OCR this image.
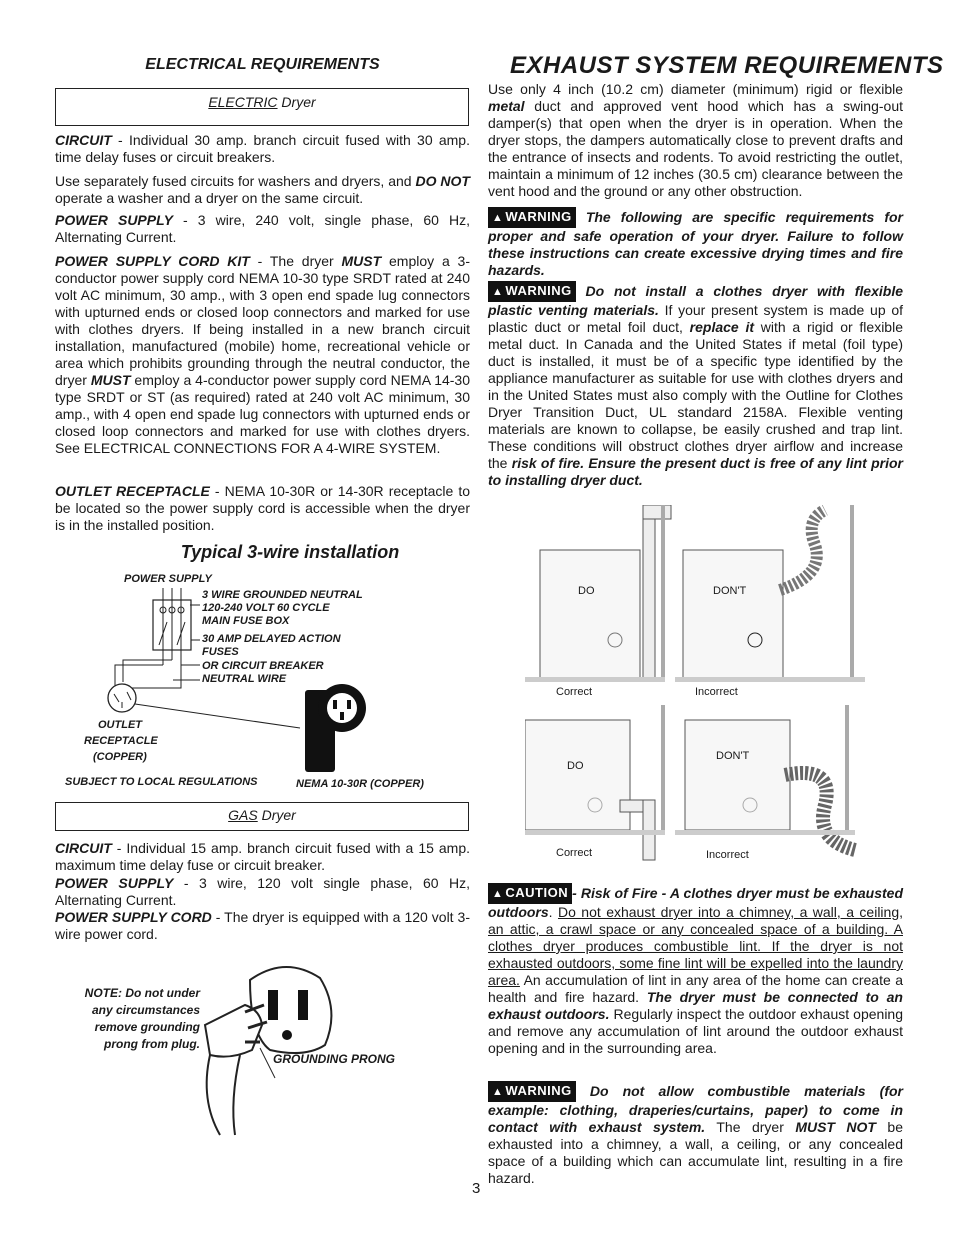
ELECTRICAL REQUIREMENTS
ELECTRIC Dryer

CIRCUIT - Individual 30 amp. branch circuit fused with 30 amp. time delay fuses or circuit breakers.

Use separately fused circuits for washers and dryers, and DO NOT operate a washer and a dryer on the same circuit.

POWER SUPPLY - 3 wire, 240 volt, single phase, 60 Hz, Alternating Current.

POWER SUPPLY CORD KIT - The dryer MUST employ a 3-conductor power supply cord NEMA 10-30 type SRDT rated at 240 volt AC minimum, 30 amp., with 3 open end spade lug connectors with upturned ends or closed loop connectors and marked for use with clothes dryers. If being installed in a new branch circuit installation, manufactured (mobile) home, recreational vehicle or area which prohibits grounding through the neutral conductor, the dryer MUST employ a 4-conductor power supply cord NEMA 14-30 type SRDT or ST (as required) rated at 240 volt AC minimum, 30 amp., with 4 open end spade lug connectors with upturned ends or closed loop connectors and marked for use with clothes dryers. See ELECTRICAL CONNECTIONS FOR A 4-WIRE SYSTEM.

OUTLET RECEPTACLE - NEMA 10-30R or 14-30R receptacle to be located so the power supply cord is accessible when the dryer is in the installed position.

Typical 3-wire installation
POWER SUPPLY
3 WIRE GROUNDED NEUTRAL
120-240 VOLT 60 CYCLE
MAIN FUSE BOX
30 AMP DELAYED ACTION
FUSES
OR CIRCUIT BREAKER
NEUTRAL WIRE
OUTLET
RECEPTACLE
(COPPER)
SUBJECT TO LOCAL REGULATIONS	NEMA 10-30R (COPPER)
GAS Dryer

CIRCUIT - Individual 15 amp. branch circuit fused with a 15 amp. maximum time delay fuse or circuit breaker.

POWER SUPPLY - 3 wire, 120 volt single phase, 60 Hz, Alternating Current.

POWER SUPPLY CORD - The dryer is equipped with a 120 volt 3-wire power cord.

NOTE: Do not under
any circumstances
remove grounding
prong from plug.
GROUNDING PRONG
EXHAUST SYSTEM REQUIREMENTS

Use only 4 inch (10.2 cm) diameter (minimum) rigid or flexible metal duct and approved vent hood which has a swing-out damper(s) that open when the dryer is in operation. When the dryer stops, the dampers automatically close to prevent drafts and the entrance of insects and rodents. To avoid restricting the outlet, maintain a minimum of 12 inches (30.5 cm) clearance between the vent hood and the ground or any other obstruction.

▲ WARNING The following are specific requirements for proper and safe operation of your dryer. Failure to follow these instructions can create excessive drying times and fire hazards.

▲ WARNING Do not install a clothes dryer with flexible plastic venting materials. If your present system is made up of plastic duct or metal foil duct, replace it with a rigid or flexible metal duct. In Canada and the United States if metal (foil type) duct is installed, it must be of a specific type identified by the appliance manufacturer as suitable for use with clothes dryers and in the United States must also comply with the Outline for Clothes Dryer Transition Duct, UL standard 2158A. Flexible venting materials are known to collapse, be easily crushed and trap lint. These conditions will obstruct clothes dryer airflow and increase the risk of fire. Ensure the present duct is free of any lint prior to installing dryer duct.

DO	DON'T
Correct	Incorrect
DO
DON'T
Correct	Incorrect

▲ CAUTION - Risk of Fire - A clothes dryer must be exhausted outdoors. Do not exhaust dryer into a chimney, a wall, a ceiling, an attic, a crawl space or any concealed space of a building. A clothes dryer produces combustible lint. If the dryer is not exhausted outdoors, some fine lint will be expelled into the laundry area. An accumulation of lint in any area of the home can create a health and fire hazard. The dryer must be connected to an exhaust outdoors. Regularly inspect the outdoor exhaust opening and remove any accumulation of lint around the outdoor exhaust opening and in the surrounding area.

▲ WARNING Do not allow combustible materials (for example: clothing, draperies/curtains, paper) to come in contact with exhaust system. The dryer MUST NOT be exhausted into a chimney, a wall, a ceiling, or any concealed space of a building which can accumulate lint, resulting in a fire hazard.

3
